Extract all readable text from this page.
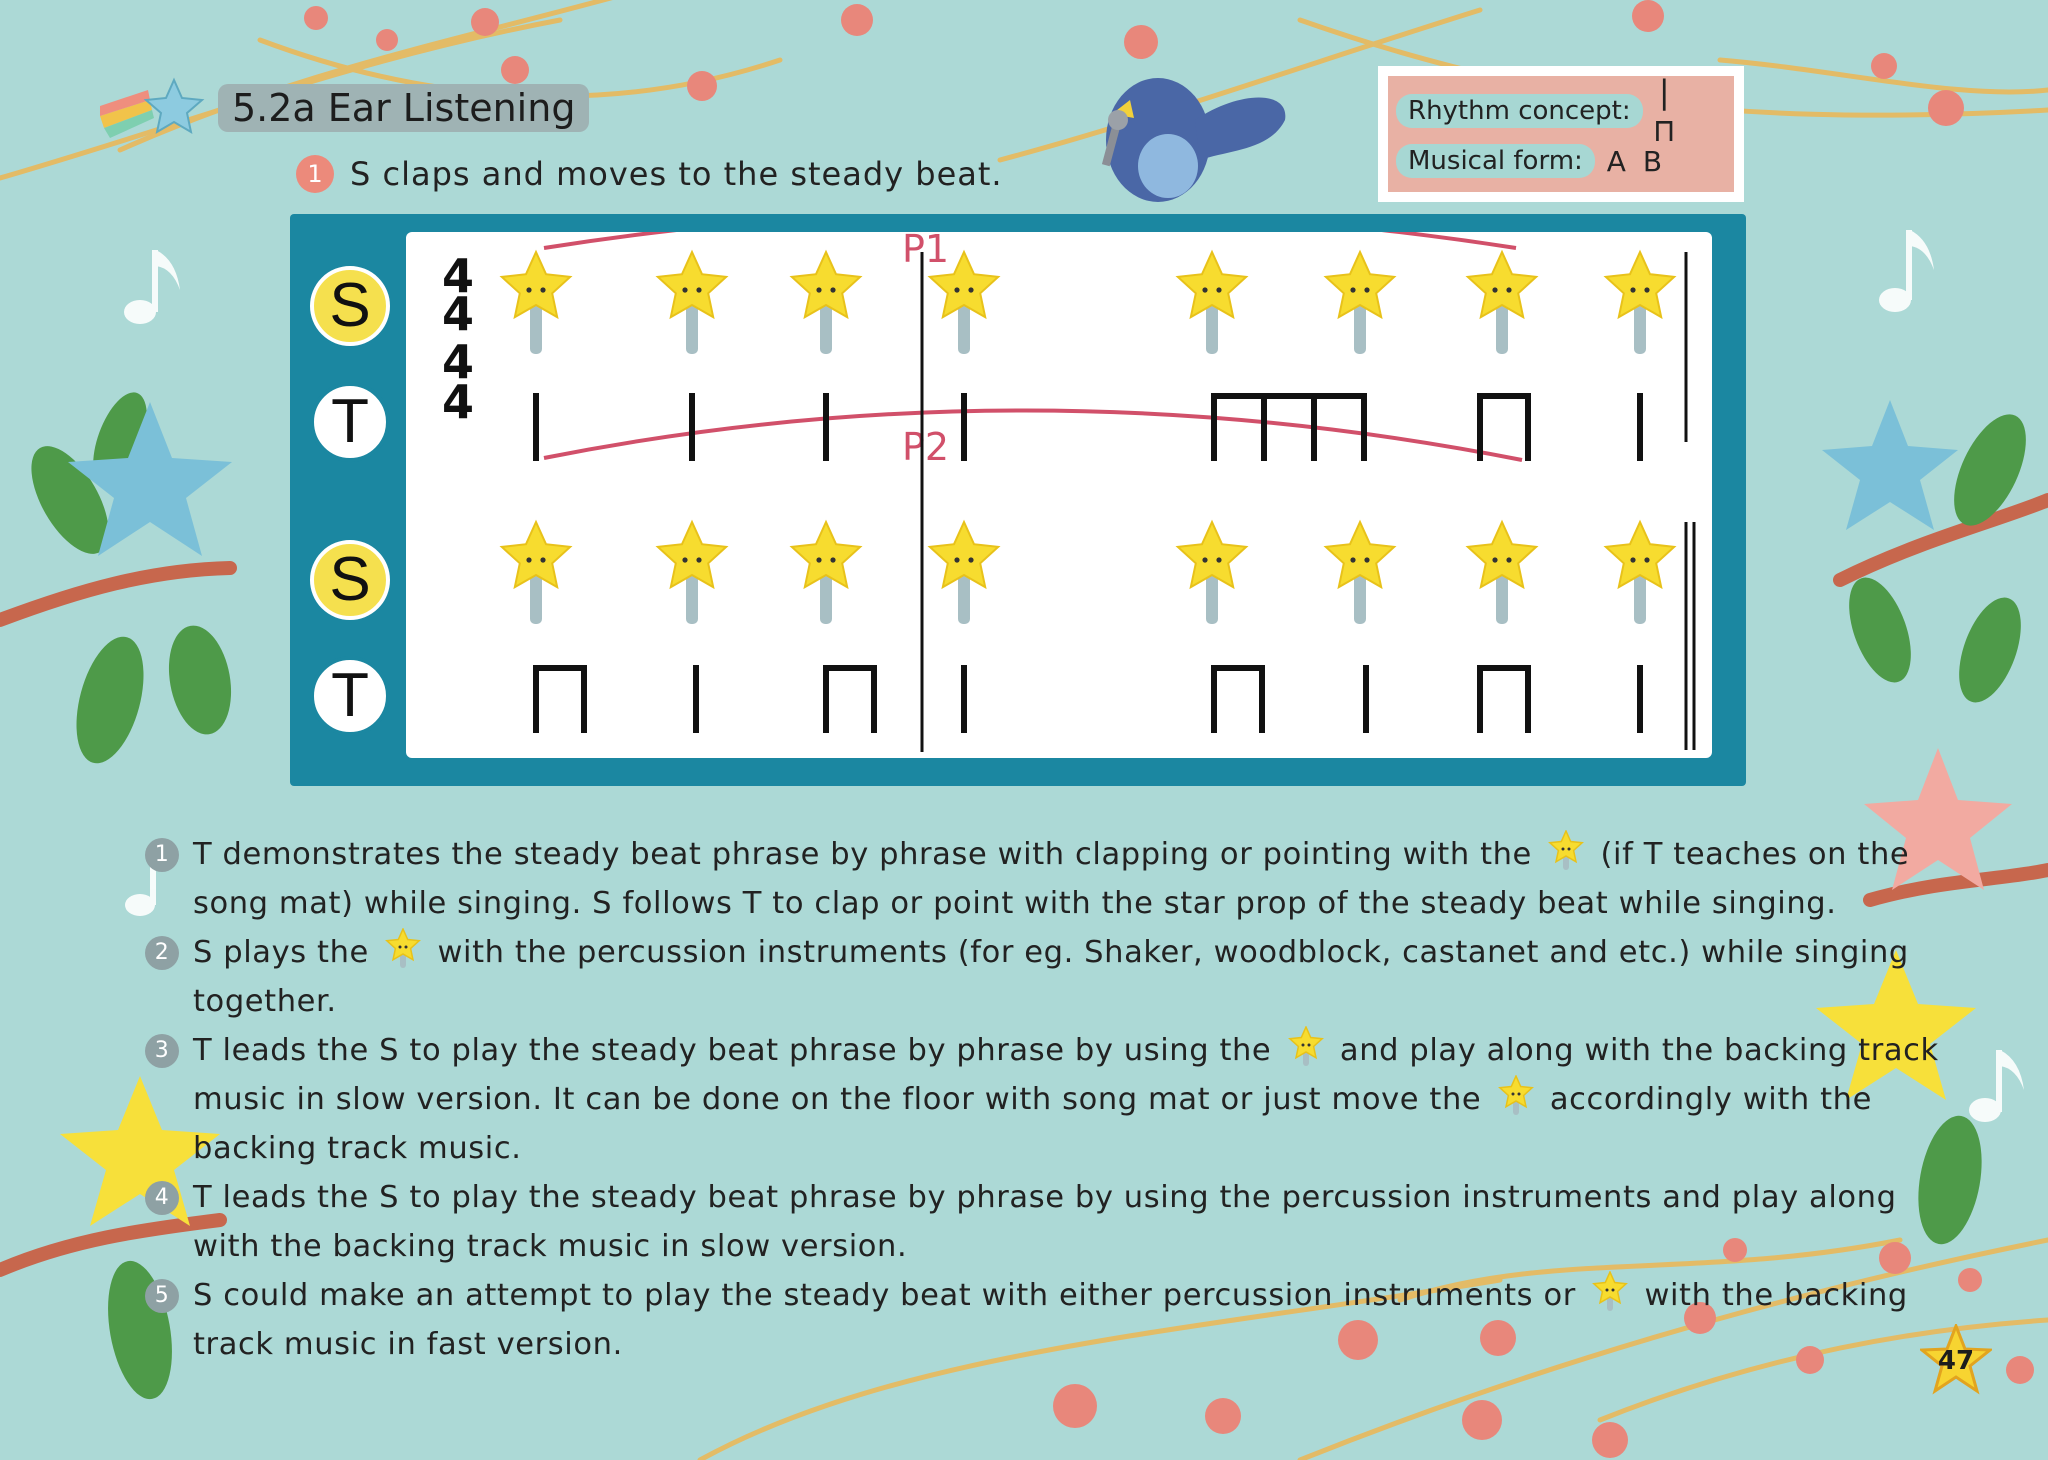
5.2a Ear Listening
1 S claps and moves to the steady beat.
Rhythm concept: | ⊓
Musical form: A B
S
T
S
T
P1
P2
4
4
4
4
1 T demonstrates the steady beat phrase by phrase with clapping or pointing with the (if T teaches on the song mat) while singing. S follows T to clap or point with the star prop of the steady beat while singing.
2 S plays the with the percussion instruments (for eg. Shaker, woodblock, castanet and etc.) while singing together.
3 T leads the S to play the steady beat phrase by phrase by using the and play along with the backing track music in slow version. It can be done on the floor with song mat or just move the accordingly with the backing track music.
4 T leads the S to play the steady beat phrase by phrase by using the percussion instruments and play along with the backing track music in slow version.
5 S could make an attempt to play the steady beat with either percussion instruments or with the backing track music in fast version.	47
